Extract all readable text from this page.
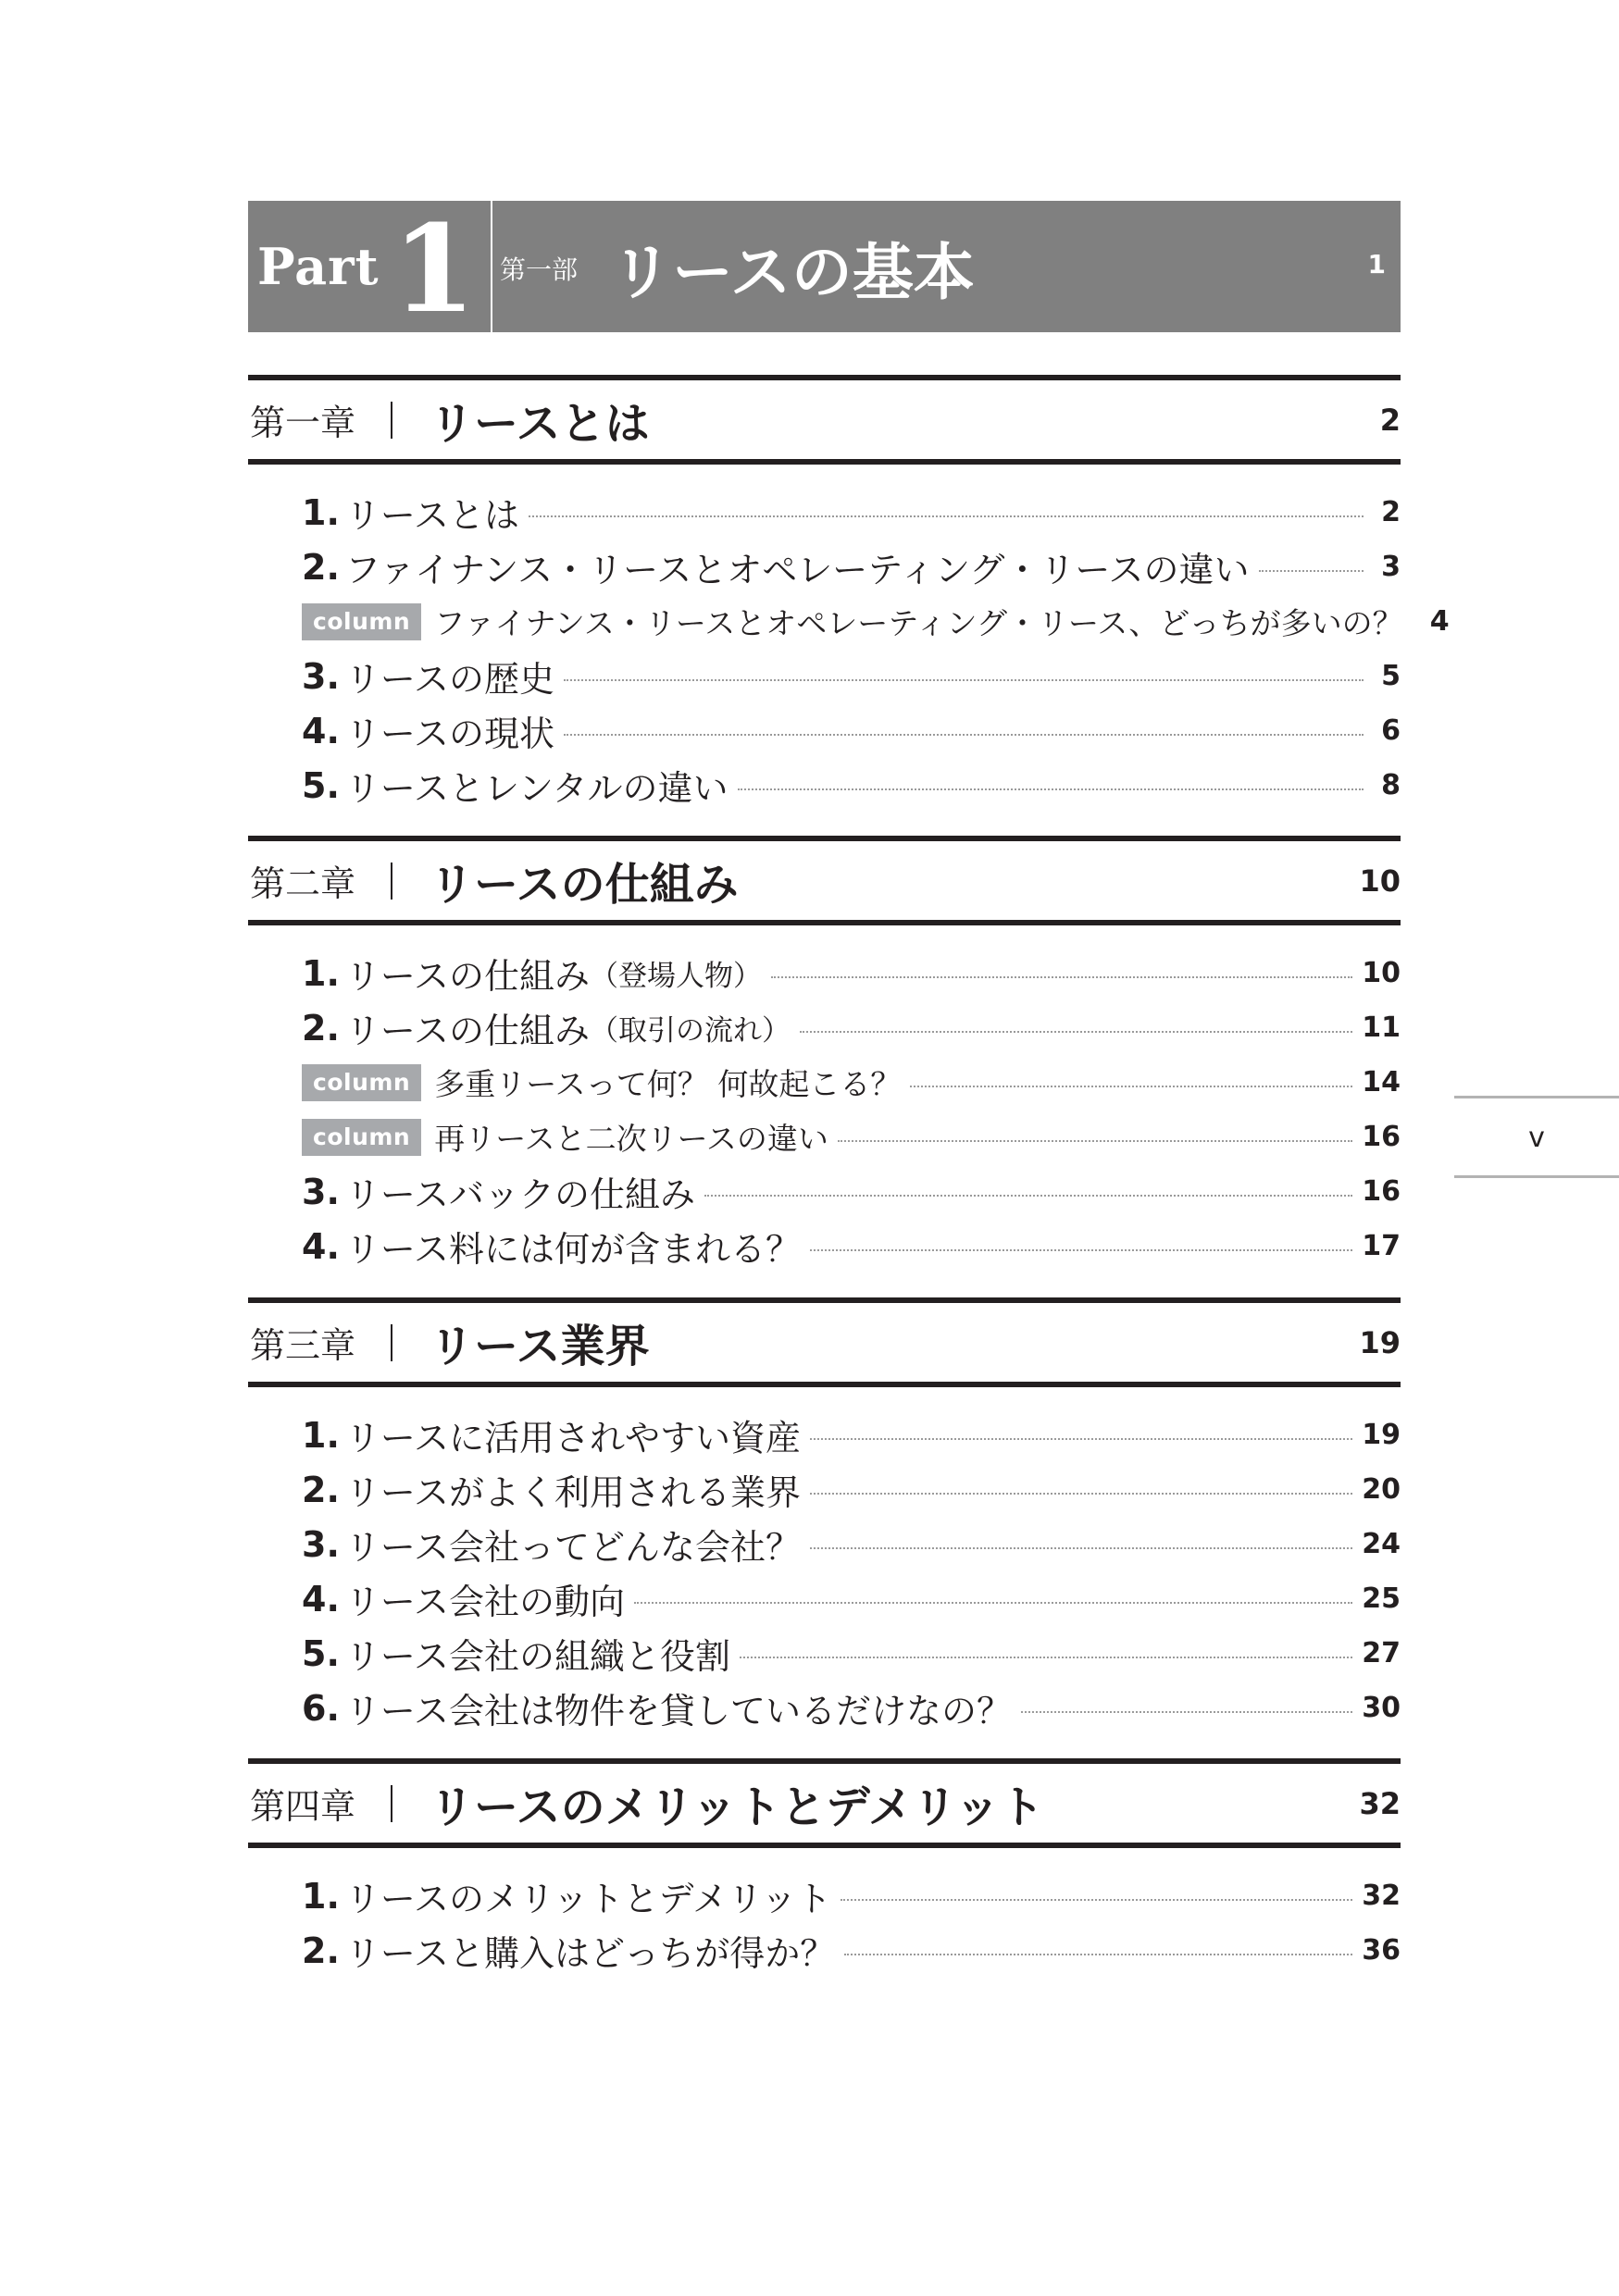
Part 1 第一部 リースの基本	1
第一章 リースとは	2
1. リースとは	2
2. ファイナンス・リースとオペレーティング・リースの違い	3
column ファイナンス・リースとオペレーティング・リース、どっちが多いの？ 4
3. リースの歴史	5
4. リースの現状	6
5. リースとレンタルの違い	8
第二章 リースの仕組み	10
1. リースの仕組み （登場人物）	10
2. リースの仕組み （取引の流れ）	11
column 多重リースって何？ 何故起こる？	14
column 再リースと二次リースの違い	16
3. リースバックの仕組み	16
4. リース料には何が含まれる？	17
第三章 リース業界	19
1. リースに活用されやすい資産	19
2. リースがよく利用される業界	20
3. リース会社ってどんな会社？	24
4. リース会社の動向	25
5. リース会社の組織と役割	27
6. リース会社は物件を貸しているだけなの？	30
第四章 リースのメリットとデメリット	32
1. リースのメリットとデメリット	32
2. リースと購入はどっちが得か？	36
v
